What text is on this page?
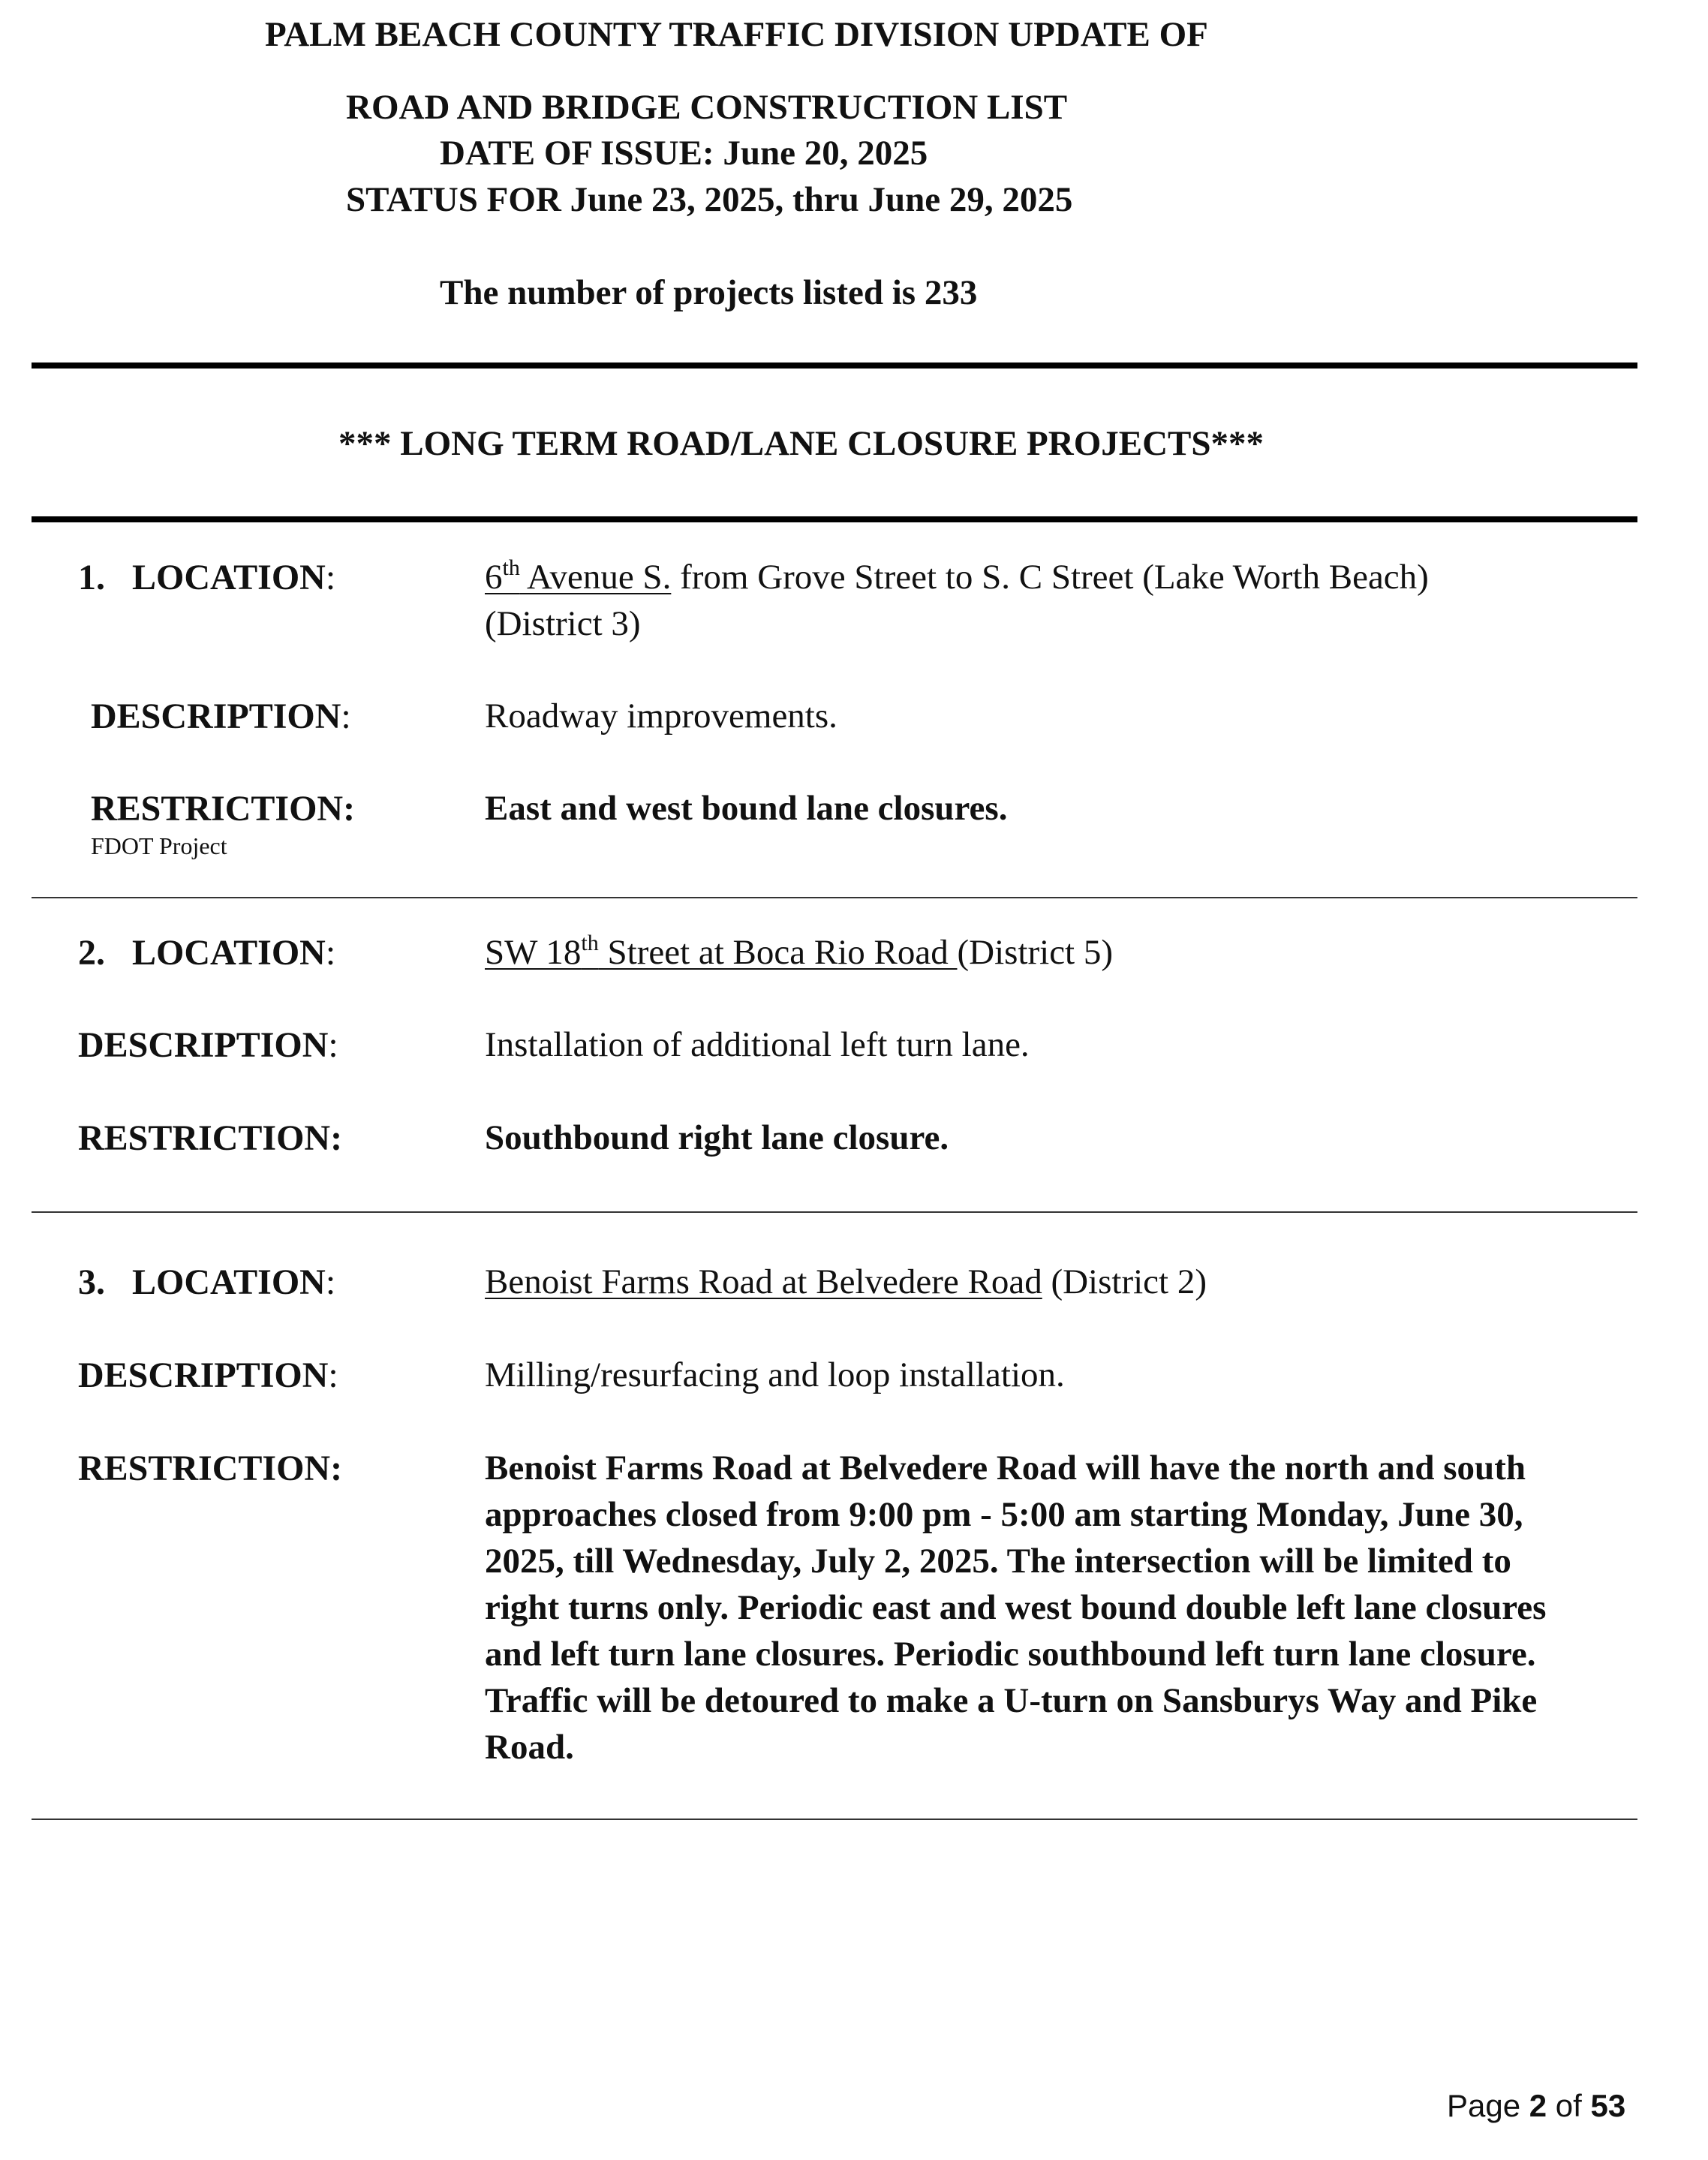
PALM BEACH COUNTY TRAFFIC DIVISION UPDATE OF
ROAD AND BRIDGE CONSTRUCTION LIST
DATE OF ISSUE: June 20, 2025
STATUS FOR June 23, 2025, thru June 29, 2025
The number of projects listed is 233
*** LONG TERM ROAD/LANE CLOSURE PROJECTS***
1. LOCATION:	6th Avenue S. from Grove Street to S. C Street (Lake Worth Beach)
(District 3)
DESCRIPTION:	Roadway improvements.
RESTRICTION:	East and west bound lane closures.
FDOT Project
2. LOCATION:	SW 18th Street at Boca Rio Road (District 5)
DESCRIPTION:	Installation of additional left turn lane.
RESTRICTION:	Southbound right lane closure.
3. LOCATION:	Benoist Farms Road at Belvedere Road (District 2)
DESCRIPTION:	Milling/resurfacing and loop installation.
RESTRICTION:	Benoist Farms Road at Belvedere Road will have the north and south
approaches closed from 9:00 pm - 5:00 am starting Monday, June 30,
2025, till Wednesday, July 2, 2025. The intersection will be limited to
right turns only. Periodic east and west bound double left lane closures
and left turn lane closures. Periodic southbound left turn lane closure.
Traffic will be detoured to make a U-turn on Sansburys Way and Pike
Road.
Page 2 of 53
